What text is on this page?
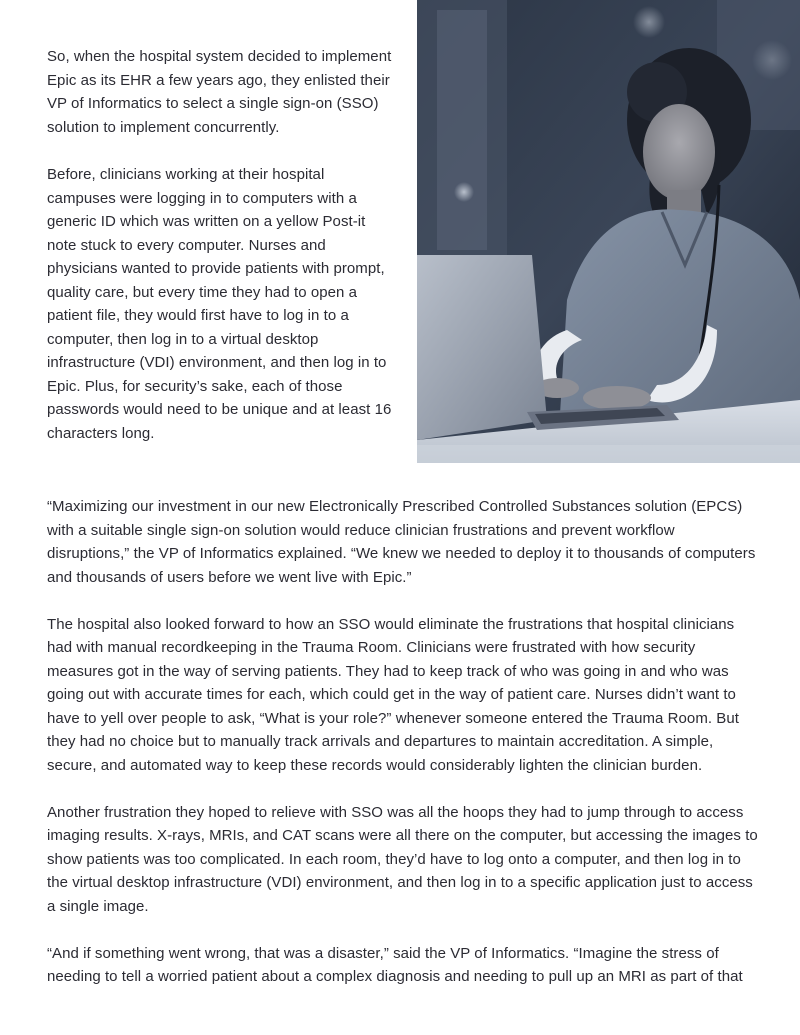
So, when the hospital system decided to implement Epic as its EHR a few years ago, they enlisted their VP of Informatics to select a single sign-on (SSO) solution to implement concurrently.

Before, clinicians working at their hospital campuses were logging in to computers with a generic ID which was written on a yellow Post-it note stuck to every computer. Nurses and physicians wanted to provide patients with prompt, quality care, but every time they had to open a patient file, they would first have to log in to a computer, then log in to a virtual desktop infrastructure (VDI) environment, and then log in to Epic. Plus, for security’s sake, each of those passwords would need to be unique and at least 16 characters long.

“Maximizing our investment in our new Electronically Prescribed Controlled Substances solution (EPCS) with a suitable single sign-on solution would reduce clinician frustrations and prevent workflow disruptions,” the VP of Informatics explained. “We knew we needed to deploy it to thousands of computers and thousands of users before we went live with Epic.”

The hospital also looked forward to how an SSO would eliminate the frustrations that hospital clinicians had with manual recordkeeping in the Trauma Room. Clinicians were frustrated with how security measures got in the way of serving patients. They had to keep track of who was going in and who was going out with accurate times for each, which could get in the way of patient care. Nurses didn’t want to have to yell over people to ask, “What is your role?” whenever someone entered the Trauma Room. But they had no choice but to manually track arrivals and departures to maintain accreditation. A simple, secure, and automated way to keep these records would considerably lighten the clinician burden.

Another frustration they hoped to relieve with SSO was all the hoops they had to jump through to access imaging results. X-rays, MRIs, and CAT scans were all there on the computer, but accessing the images to show patients was too complicated. In each room, they’d have to log onto a computer, and then log in to the virtual desktop infrastructure (VDI) environment, and then log in to a specific application just to access a single image.

“And if something went wrong, that was a disaster,” said the VP of Informatics. “Imagine the stress of needing to tell a worried patient about a complex diagnosis and needing to pull up an MRI as part of that
